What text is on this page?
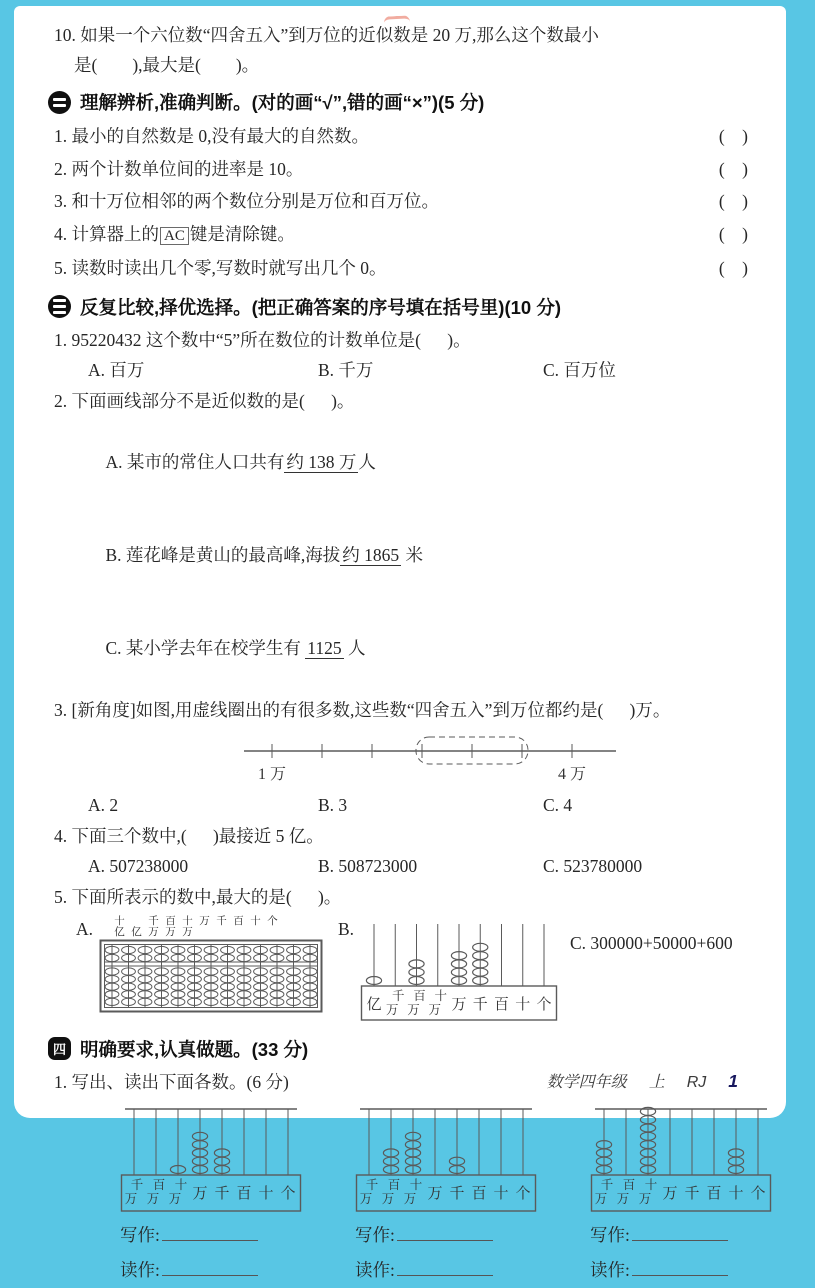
10. 如果一个六位数“四舍五入”到万位的近似数是 20 万,那么这个数最小
是(        ),最大是(        )。
理解辨析,准确判断。(对的画“√”,错的画“×”)(5 分)
1. 最小的自然数是 0,没有最大的自然数。	(    )
2. 两个计数单位间的进率是 10。	(    )
3. 和十万位相邻的两个数位分别是万位和百万位。	(    )
4. 计算器上的 AC 键是清除键。	(    )
5. 读数时读出几个零,写数时就写出几个 0。	(    )
反复比较,择优选择。(把正确答案的序号填在括号里)(10 分)
1. 95220432 这个数中“5”所在数位的计数单位是(      )。
A. 百万	B. 千万	C. 百万位
2. 下面画线部分不是近似数的是(      )。

A. 某市的常住人口共有 约 138 万 人

B. 莲花峰是黄山的最高峰,海拔 约 1865 米

C. 某小学去年在校学生有 1125 人

3. [新角度]如图,用虚线圈出的有很多数,这些数“四舍五入”到万位都约是(      )万。
1 万	4 万
A. 2	B. 3	C. 4
4. 下面三个数中,(      )最接近 5 亿。
A. 507238000	B. 508723000	C. 523780000
5. 下面所表示的数中,最大的是(      )。
A. 十
亿 亿
千
万
百
万
十
万
万 千 百 十 个	B.
亿
千
万
百
万
十
万 万 千 百 十 个
C. 300000+50000+600
四 明确要求,认真做题。(33 分)
1. 写出、读出下面各数。(6 分)
千
万
百
万
十
万 万 千 百 十 个
写作:
读作:
千
万
百
万
十
万 万 千 百 十 个
写作:
读作:
千
万
百
万
十
万 万 千 百 十 个
写作:
读作:
数学四年级 上 RJ 1
